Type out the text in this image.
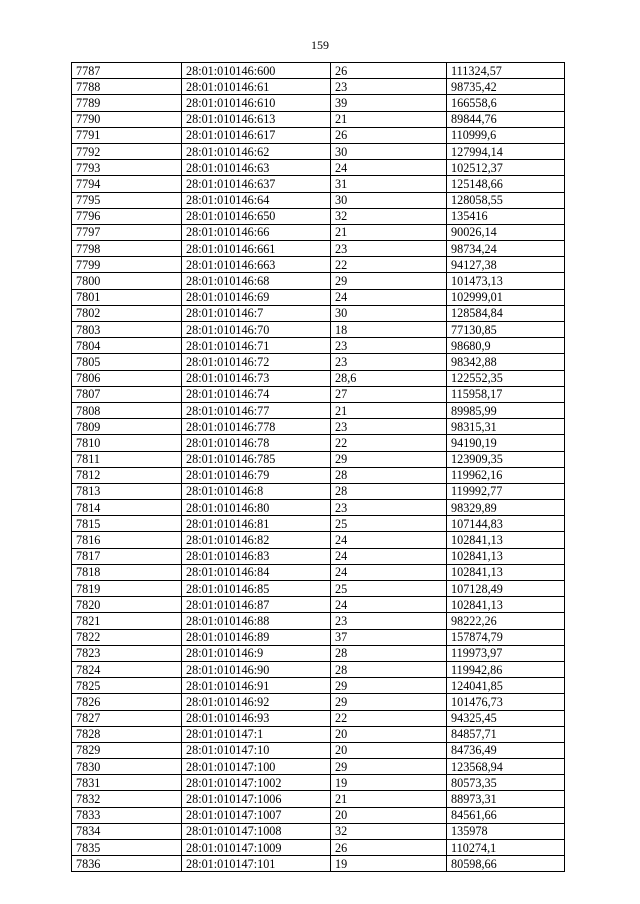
159
7787	28:01:010146:600	26	111324,57
7788	28:01:010146:61	23	98735,42
7789	28:01:010146:610	39	166558,6
7790	28:01:010146:613	21	89844,76
7791	28:01:010146:617	26	110999,6
7792	28:01:010146:62	30	127994,14
7793	28:01:010146:63	24	102512,37
7794	28:01:010146:637	31	125148,66
7795	28:01:010146:64	30	128058,55
7796	28:01:010146:650	32	135416
7797	28:01:010146:66	21	90026,14
7798	28:01:010146:661	23	98734,24
7799	28:01:010146:663	22	94127,38
7800	28:01:010146:68	29	101473,13
7801	28:01:010146:69	24	102999,01
7802	28:01:010146:7	30	128584,84
7803	28:01:010146:70	18	77130,85
7804	28:01:010146:71	23	98680,9
7805	28:01:010146:72	23	98342,88
7806	28:01:010146:73	28,6	122552,35
7807	28:01:010146:74	27	115958,17
7808	28:01:010146:77	21	89985,99
7809	28:01:010146:778	23	98315,31
7810	28:01:010146:78	22	94190,19
7811	28:01:010146:785	29	123909,35
7812	28:01:010146:79	28	119962,16
7813	28:01:010146:8	28	119992,77
7814	28:01:010146:80	23	98329,89
7815	28:01:010146:81	25	107144,83
7816	28:01:010146:82	24	102841,13
7817	28:01:010146:83	24	102841,13
7818	28:01:010146:84	24	102841,13
7819	28:01:010146:85	25	107128,49
7820	28:01:010146:87	24	102841,13
7821	28:01:010146:88	23	98222,26
7822	28:01:010146:89	37	157874,79
7823	28:01:010146:9	28	119973,97
7824	28:01:010146:90	28	119942,86
7825	28:01:010146:91	29	124041,85
7826	28:01:010146:92	29	101476,73
7827	28:01:010146:93	22	94325,45
7828	28:01:010147:1	20	84857,71
7829	28:01:010147:10	20	84736,49
7830	28:01:010147:100	29	123568,94
7831	28:01:010147:1002	19	80573,35
7832	28:01:010147:1006	21	88973,31
7833	28:01:010147:1007	20	84561,66
7834	28:01:010147:1008	32	135978
7835	28:01:010147:1009	26	110274,1
7836	28:01:010147:101	19	80598,66
